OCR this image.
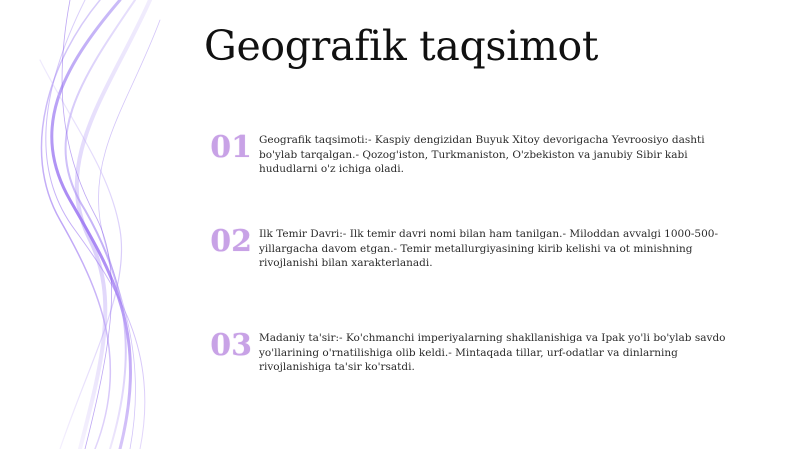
Geografik taqsimot
01 Geografik taqsimoti:- Kaspiy dengizidan Buyuk Xitoy devorigacha Yevroosiyo dashti bo'ylab tarqalgan.- Qozog'iston, Turkmaniston, O'zbekiston va janubiy Sibir kabi hududlarni o'z ichiga oladi.

02 Ilk Temir Davri:- Ilk temir davri nomi bilan ham tanilgan.- Miloddan avvalgi 1000-500-yillargacha davom etgan.- Temir metallurgiyasining kirib kelishi va ot minishning rivojlanishi bilan xarakterlanadi.

03 Madaniy ta'sir:- Ko'chmanchi imperiyalarning shakllanishiga va Ipak yo'li bo'ylab savdo yo'llarining o'rnatilishiga olib keldi.- Mintaqada tillar, urf-odatlar va dinlarning rivojlanishiga ta'sir ko'rsatdi.
